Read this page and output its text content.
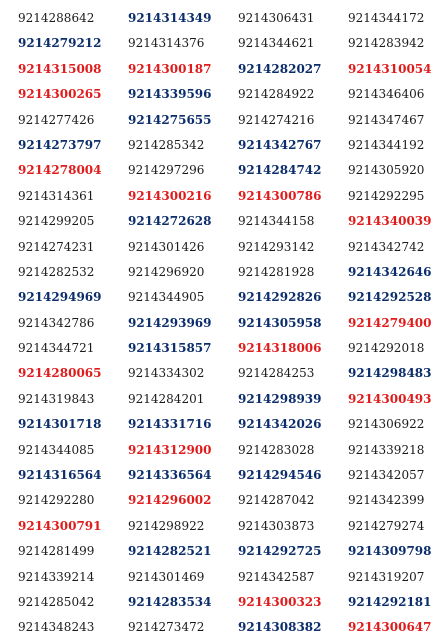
9214288642	9214314349	9214306431	9214344172
9214279212	9214314376	9214344621	9214283942
9214315008	9214300187	9214282027	9214310054
9214300265	9214339596	9214284922	9214346406
9214277426	9214275655	9214274216	9214347467
9214273797	9214285342	9214342767	9214344192
9214278004	9214297296	9214284742	9214305920
9214314361	9214300216	9214300786	9214292295
9214299205	9214272628	9214344158	9214340039
9214274231	9214301426	9214293142	9214342742
9214282532	9214296920	9214281928	9214342646
9214294969	9214344905	9214292826	9214292528
9214342786	9214293969	9214305958	9214279400
9214344721	9214315857	9214318006	9214292018
9214280065	9214334302	9214284253	9214298483
9214319843	9214284201	9214298939	9214300493
9214301718	9214331716	9214342026	9214306922
9214344085	9214312900	9214283028	9214339218
9214316564	9214336564	9214294546	9214342057
9214292280	9214296002	9214287042	9214342399
9214300791	9214298922	9214303873	9214279274
9214281499	9214282521	9214292725	9214309798
9214339214	9214301469	9214342587	9214319207
9214285042	9214283534	9214300323	9214292181
9214348243	9214273472	9214308382	9214300647
